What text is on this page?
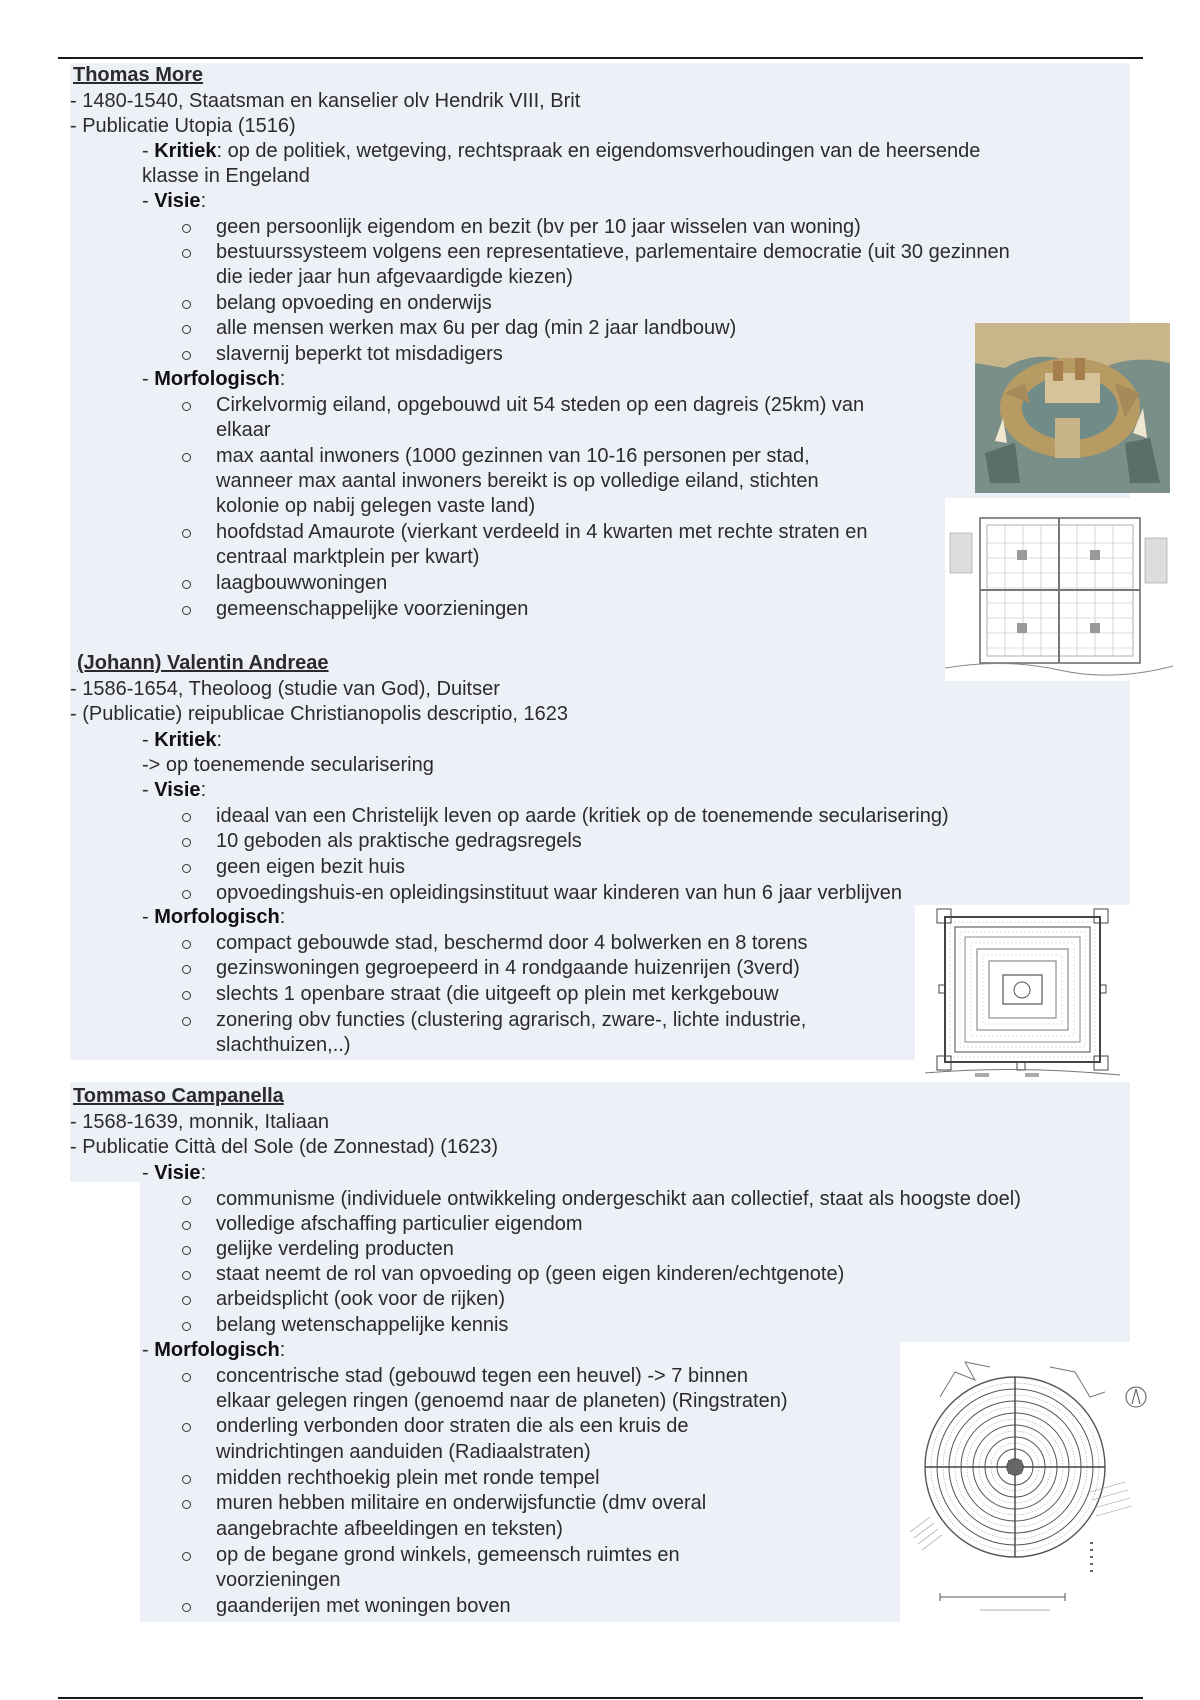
Thomas More
- 1480-1540, Staatsman en kanselier olv Hendrik VIII, Brit
- Publicatie Utopia (1516)
- Kritiek: op de politiek, wetgeving, rechtspraak en eigendomsverhoudingen van de heersende
klasse in Engeland
- Visie:
geen persoonlijk eigendom en bezit (bv per 10 jaar wisselen van woning)
bestuurssysteem volgens een representatieve, parlementaire democratie (uit 30 gezinnen
die ieder jaar hun afgevaardigde kiezen)
belang opvoeding en onderwijs
alle mensen werken max 6u per dag (min 2 jaar landbouw)
slavernij beperkt tot misdadigers
- Morfologisch:
Cirkelvormig eiland, opgebouwd uit 54 steden op een dagreis (25km) van
elkaar
max aantal inwoners (1000 gezinnen van 10-16 personen per stad,
wanneer max aantal inwoners bereikt is op volledige eiland, stichten
kolonie op nabij gelegen vaste land)
hoofdstad Amaurote (vierkant verdeeld in 4 kwarten met rechte straten en
centraal marktplein per kwart)
laagbouwwoningen
gemeenschappelijke voorzieningen
(Johann) Valentin Andreae
- 1586-1654, Theoloog (studie van God), Duitser
- (Publicatie) reipublicae Christianopolis descriptio, 1623
- Kritiek:
-> op toenemende secularisering
- Visie:
ideaal van een Christelijk leven op aarde (kritiek op de toenemende secularisering)
10 geboden als praktische gedragsregels
geen eigen bezit huis
opvoedingshuis-en opleidingsinstituut waar kinderen van hun 6 jaar verblijven
- Morfologisch:
compact gebouwde stad, beschermd door 4 bolwerken en 8 torens
gezinswoningen gegroepeerd in 4 rondgaande huizenrijen (3verd)
slechts 1 openbare straat (die uitgeeft op plein met kerkgebouw
zonering obv functies (clustering agrarisch, zware-, lichte industrie,
slachthuizen,..)
Tommaso Campanella
- 1568-1639, monnik, Italiaan
- Publicatie Città del Sole (de Zonnestad) (1623)
- Visie:
communisme (individuele ontwikkeling ondergeschikt aan collectief, staat als hoogste doel)
volledige afschaffing particulier eigendom
gelijke verdeling producten
staat neemt de rol van opvoeding op (geen eigen kinderen/echtgenote)
arbeidsplicht (ook voor de rijken)
belang wetenschappelijke kennis
- Morfologisch:
concentrische stad (gebouwd tegen een heuvel) -> 7 binnen
elkaar gelegen ringen (genoemd naar de planeten) (Ringstraten)
onderling verbonden door straten die als een kruis de
windrichtingen aanduiden (Radiaalstraten)
midden rechthoekig plein met ronde tempel
muren hebben militaire en onderwijsfunctie (dmv overal
aangebrachte afbeeldingen en teksten)
op de begane grond winkels, gemeensch ruimtes en
voorzieningen
gaanderijen met woningen boven
